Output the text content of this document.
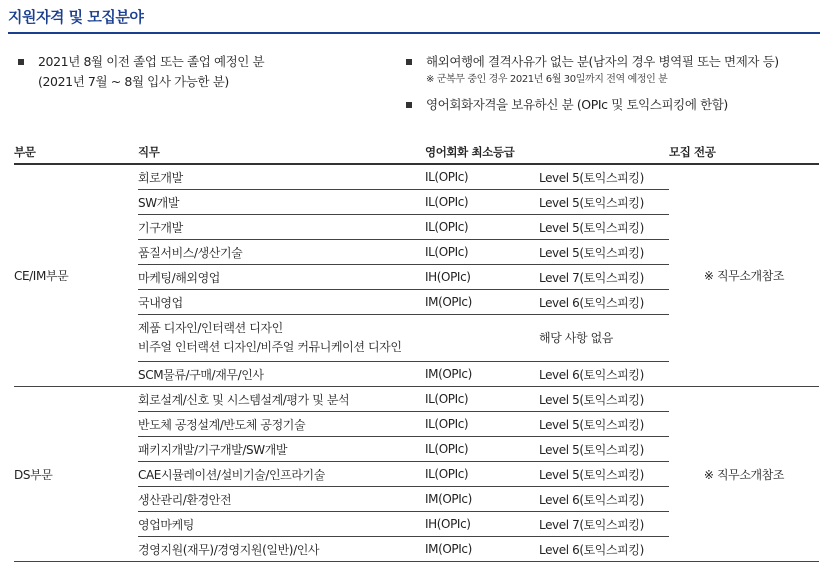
지원자격 및 모집분야
2021년 8월 이전 졸업 또는 졸업 예정인 분
(2021년 7월 ~ 8월 입사 가능한 분)
해외여행에 결격사유가 없는 분(남자의 경우 병역필 또는 면제자 등)
※ 군복무 중인 경우 2021년 6월 30일까지 전역 예정인 분
영어회화자격을 보유하신 분 (OPIc 및 토익스피킹에 한함)
부문	직무	영어회화 최소등급		모집 전공
CE/IM부문	회로개발	IL(OPIc)	Level 5(토익스피킹)	※ 직무소개참조
	SW개발	IL(OPIc)	Level 5(토익스피킹)	
	기구개발	IL(OPIc)	Level 5(토익스피킹)	
	품질서비스/생산기술	IL(OPIc)	Level 5(토익스피킹)	
	마케팅/해외영업	IH(OPIc)	Level 7(토익스피킹)	
	국내영업	IM(OPIc)	Level 6(토익스피킹)	

	제품 디자인/인터랙션 디자인
비주얼 인터랙션 디자인/비주얼 커뮤니케이션 디자인		해당 사항 없음	
	SCM물류/구매/재무/인사	IM(OPIc)	Level 6(토익스피킹)	
DS부문	회로설계/신호 및 시스템설계/평가 및 분석	IL(OPIc)	Level 5(토익스피킹)	※ 직무소개참조
	반도체 공정설계/반도체 공정기술	IL(OPIc)	Level 5(토익스피킹)	
	패키지개발/기구개발/SW개발	IL(OPIc)	Level 5(토익스피킹)	
	CAE시뮬레이션/설비기술/인프라기술	IL(OPIc)	Level 5(토익스피킹)	
	생산관리/환경안전	IM(OPIc)	Level 6(토익스피킹)	
	영업마케팅	IH(OPIc)	Level 7(토익스피킹)	
	경영지원(재무)/경영지원(일반)/인사	IM(OPIc)	Level 6(토익스피킹)	
